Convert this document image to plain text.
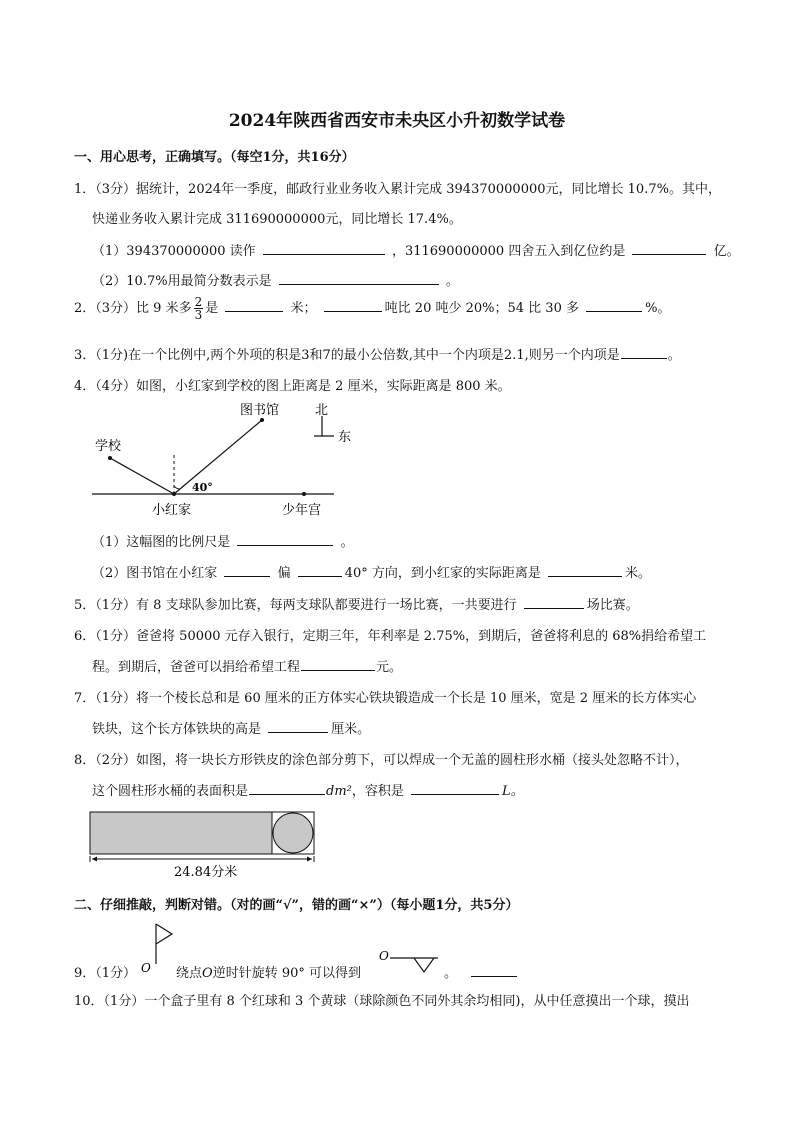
2024年陕西省西安市未央区小升初数学试卷
一、用心思考，正确填写。（每空1分，共16分）
1．（3分）据统计，2024年一季度，邮政行业业务收入累计完成 394370000000元，同比增长 10.7%。其中，
快递业务收入累计完成 311690000000元，同比增长 17.4%。
（1）394370000000 读作	，311690000000 四舍五入到亿位约是	亿。
（2）10.7%用最简分数表示是	。
2．（3分）比 9 米多 $\frac{2}{3}$ 是	米；	吨比 20 吨少 20%；54 比 30 多	%。
3．（1分)在一个比例中,两个外项的积是3和7的最小公倍数,其中一个内项是2.1,则另一个内项是	。
4．（4分）如图，小红家到学校的图上距离是 2 厘米，实际距离是 800 米。
学校
图书馆
40°
小红家	少年宫
北
东
（1）这幅图的比例尺是	。
（2）图书馆在小红家	偏	40° 方向，到小红家的实际距离是	米。
5．（1分）有 8 支球队参加比赛，每两支球队都要进行一场比赛，一共要进行	场比赛。
6．（1分）爸爸将 50000 元存入银行，定期三年，年利率是 2.75%，到期后，爸爸将利息的 68%捐给希望工
程。到期后，爸爸可以捐给希望工程	元。
7．（1分）将一个棱长总和是 60 厘米的正方体实心铁块锻造成一个长是 10 厘米，宽是 2 厘米的长方体实心
铁块，这个长方体铁块的高是	厘米。
8．（2分）如图，将一块长方形铁皮的涂色部分剪下，可以焊成一个无盖的圆柱形水桶（接头处忽略不计），
这个圆柱形水桶的表面积是	dm²，容积是	L。
24.84分米
二、仔细推敲，判断对错。（对的画“√”，错的画“×”）（每小题1分，共5分）
9．（1分） O 绕点O逆时针旋转 90° 可以得到
O
。
10．（1分）一个盒子里有 8 个红球和 3 个黄球（球除颜色不同外其余均相同)，从中任意摸出一个球，摸出
